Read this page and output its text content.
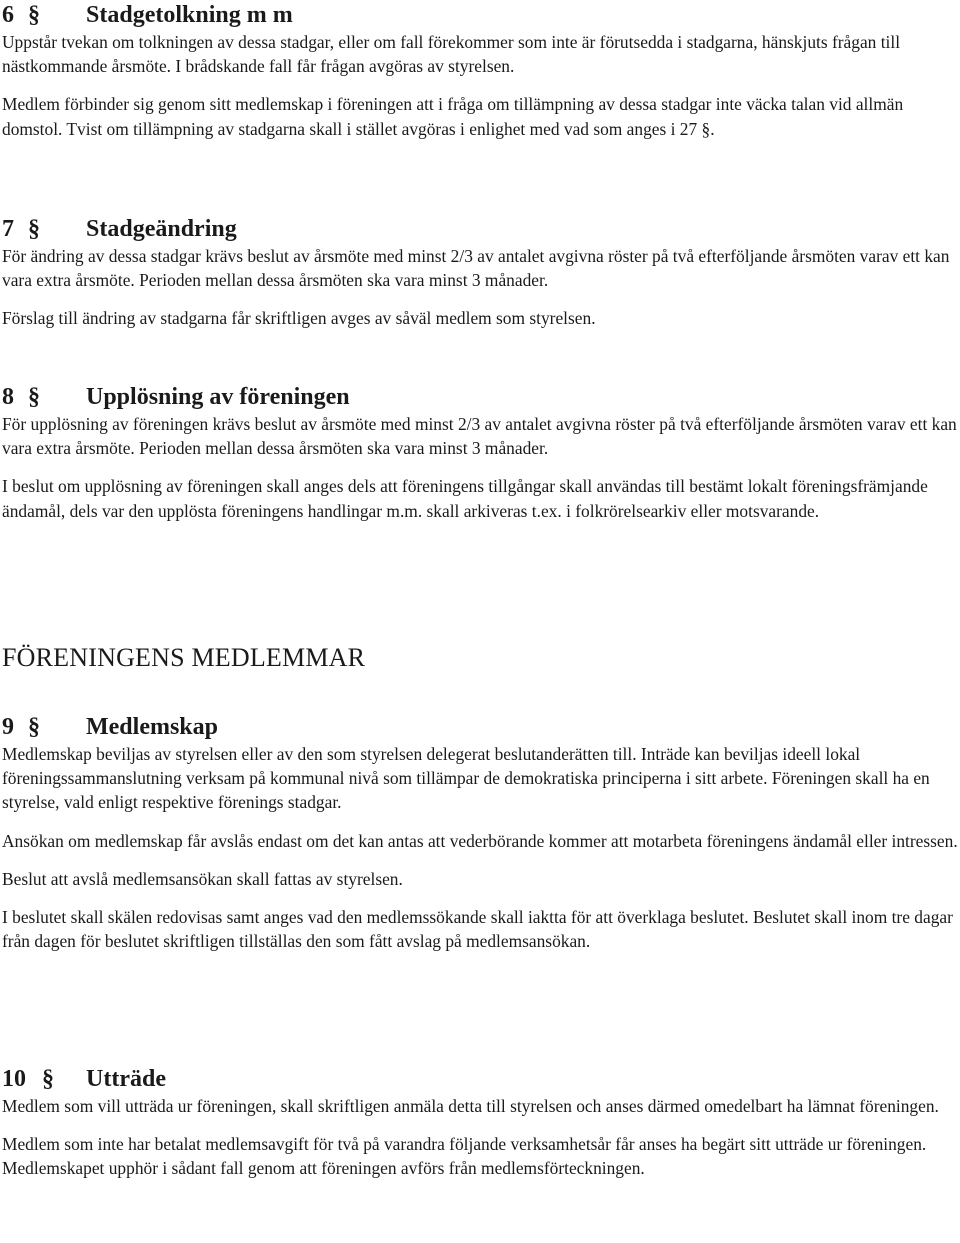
6 § Stadgetolkning m m

Uppstår tvekan om tolkningen av dessa stadgar, eller om fall förekommer som inte är förutsedda i stadgarna, hänskjuts frågan till nästkommande årsmöte. I brådskande fall får frågan avgöras av styrelsen.

Medlem förbinder sig genom sitt medlemskap i föreningen att i fråga om tillämpning av dessa stadgar inte väcka talan vid allmän domstol. Tvist om tillämpning av stadgarna skall i stället avgöras i enlighet med vad som anges i 27 §.

7 § Stadgeändring

För ändring av dessa stadgar krävs beslut av årsmöte med minst 2/3 av antalet avgivna röster på två efterföljande årsmöten varav ett kan vara extra årsmöte. Perioden mellan dessa årsmöten ska vara minst 3 månader.

Förslag till ändring av stadgarna får skriftligen avges av såväl medlem som styrelsen.

8 § Upplösning av föreningen

För upplösning av föreningen krävs beslut av årsmöte med minst 2/3 av antalet avgivna röster på två efterföljande årsmöten varav ett kan vara extra årsmöte. Perioden mellan dessa årsmöten ska vara minst 3 månader.

I beslut om upplösning av föreningen skall anges dels att föreningens tillgångar skall användas till bestämt lokalt föreningsfrämjande ändamål, dels var den upplösta föreningens handlingar m.m. skall arkiveras t.ex. i folkrörelsearkiv eller motsvarande.

FÖRENINGENS MEDLEMMAR
9 § Medlemskap

Medlemskap beviljas av styrelsen eller av den som styrelsen delegerat beslutanderätten till. Inträde kan beviljas ideell lokal föreningssammanslutning verksam på kommunal nivå som tillämpar de demokratiska principerna i sitt arbete. Föreningen skall ha en styrelse, vald enligt respektive förenings stadgar.

Ansökan om medlemskap får avslås endast om det kan antas att vederbörande kommer att motarbeta föreningens ändamål eller intressen.

Beslut att avslå medlemsansökan skall fattas av styrelsen.

I beslutet skall skälen redovisas samt anges vad den medlemssökande skall iaktta för att överklaga beslutet. Beslutet skall inom tre dagar från dagen för beslutet skriftligen tillställas den som fått avslag på medlemsansökan.

10 § Utträde

Medlem som vill utträda ur föreningen, skall skriftligen anmäla detta till styrelsen och anses därmed omedelbart ha lämnat föreningen.

Medlem som inte har betalat medlemsavgift för två på varandra följande verksamhetsår får anses ha begärt sitt utträde ur föreningen. Medlemskapet upphör i sådant fall genom att föreningen avförs från medlemsförteckningen.
